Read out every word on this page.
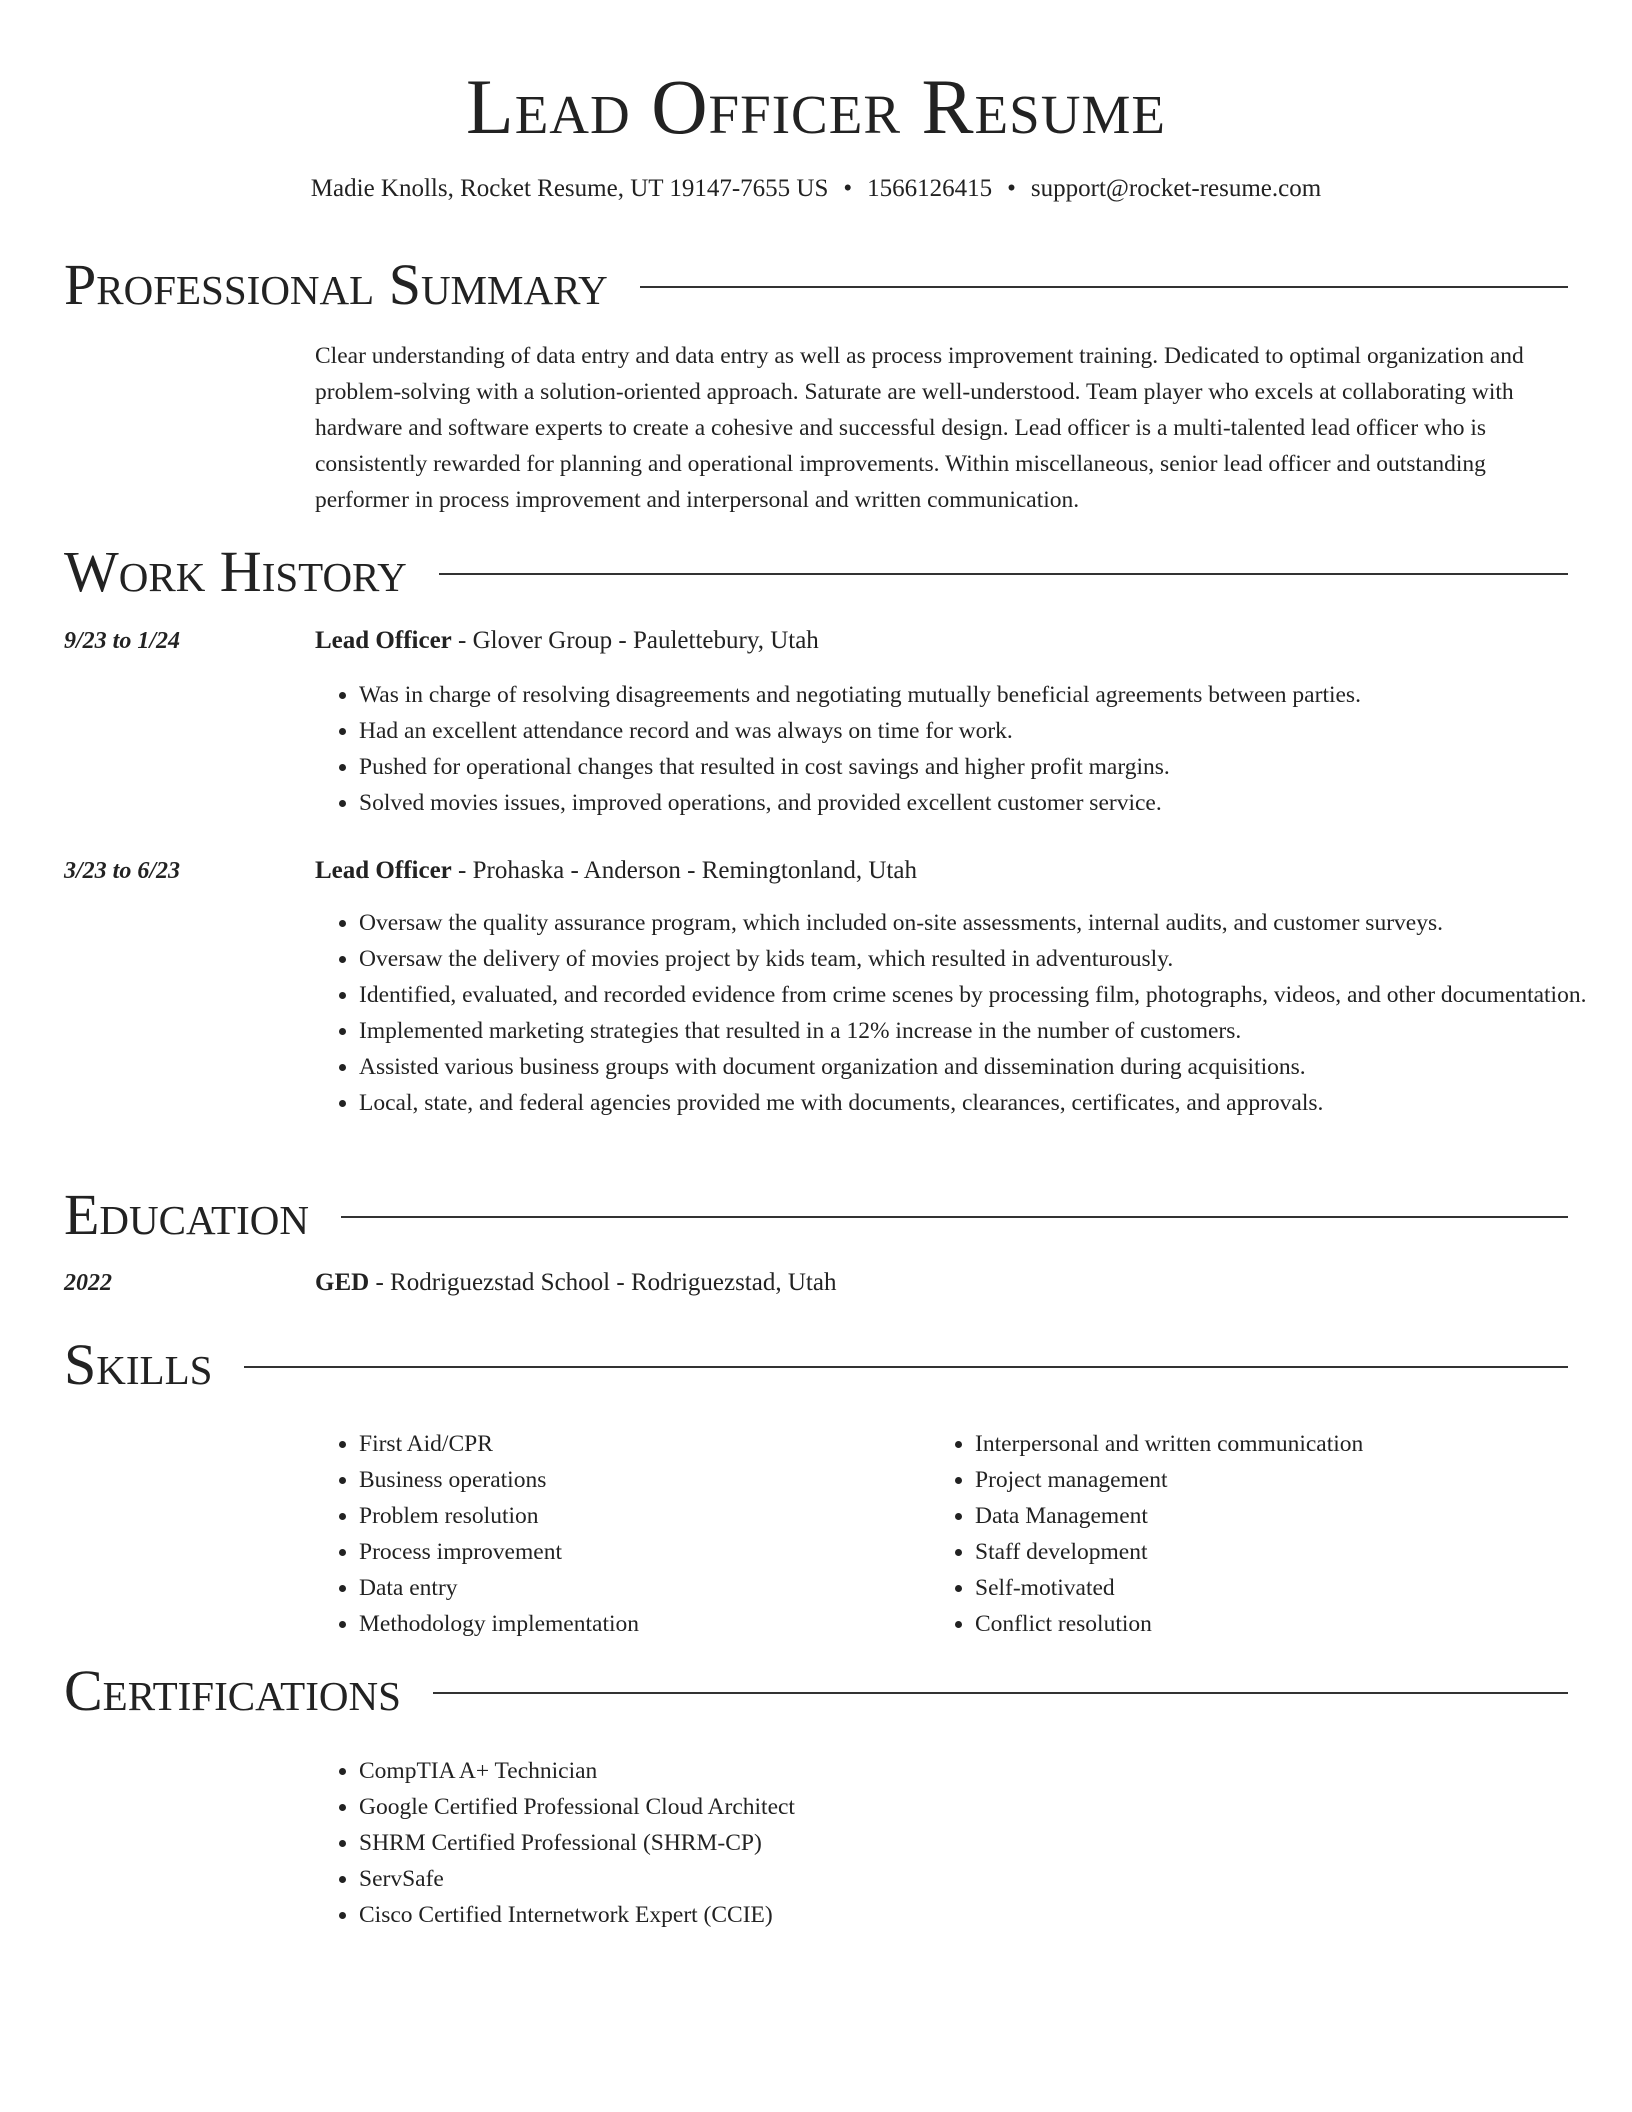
Lead Officer Resume
Madie Knolls, Rocket Resume, UT 19147-7655 US • 1566126415 • support@rocket-resume.com
Professional Summary

Clear understanding of data entry and data entry as well as process improvement training. Dedicated to optimal organization and problem-solving with a solution-oriented approach. Saturate are well-understood. Team player who excels at collaborating with hardware and software experts to create a cohesive and successful design. Lead officer is a multi-talented lead officer who is consistently rewarded for planning and operational improvements. Within miscellaneous, senior lead officer and outstanding performer in process improvement and interpersonal and written communication.

Work History
9/23 to 1/24	Lead Officer - Glover Group - Paulettebury, Utah
• Was in charge of resolving disagreements and negotiating mutually beneficial agreements between parties.
• Had an excellent attendance record and was always on time for work.
• Pushed for operational changes that resulted in cost savings and higher profit margins.
• Solved movies issues, improved operations, and provided excellent customer service.
3/23 to 6/23	Lead Officer - Prohaska - Anderson - Remingtonland, Utah
• Oversaw the quality assurance program, which included on-site assessments, internal audits, and customer surveys.
• Oversaw the delivery of movies project by kids team, which resulted in adventurously.
• Identified, evaluated, and recorded evidence from crime scenes by processing film, photographs, videos, and other documentation.
• Implemented marketing strategies that resulted in a 12% increase in the number of customers.
• Assisted various business groups with document organization and dissemination during acquisitions.
• Local, state, and federal agencies provided me with documents, clearances, certificates, and approvals.
Education
2022	GED - Rodriguezstad School - Rodriguezstad, Utah
Skills
• First Aid/CPR
• Business operations
• Problem resolution
• Process improvement
• Data entry
• Methodology implementation
• Interpersonal and written communication
• Project management
• Data Management
• Staff development
• Self-motivated
• Conflict resolution
Certifications
• CompTIA A+ Technician
• Google Certified Professional Cloud Architect
• SHRM Certified Professional (SHRM-CP)
• ServSafe
• Cisco Certified Internetwork Expert (CCIE)
